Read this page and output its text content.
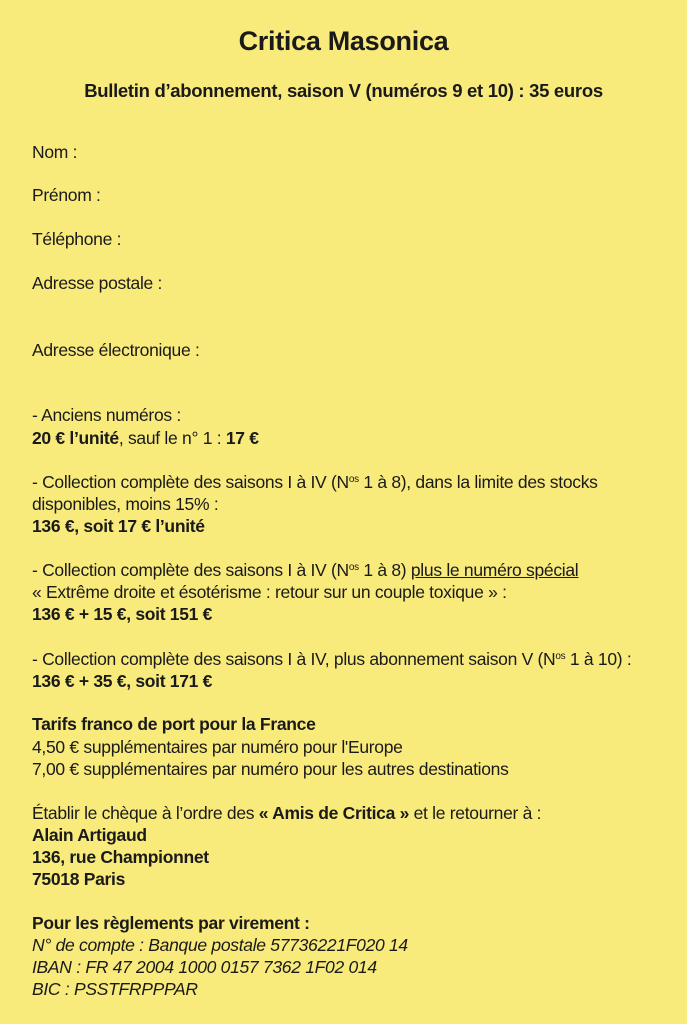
Critica Masonica
Bulletin d’abonnement, saison V (numéros 9 et 10) : 35 euros
Nom :
Prénom :
Téléphone :
Adresse postale :
Adresse électronique :
- Anciens numéros :
20 € l’unité, sauf le n° 1 : 17 €
- Collection complète des saisons I à IV ($N^{os}$ 1 à 8), dans la limite des stocks
disponibles, moins 15% :
136 €, soit 17 € l’unité
- Collection complète des saisons I à IV ($N^{os}$ 1 à 8) plus le numéro spécial
« Extrême droite et ésotérisme : retour sur un couple toxique » :
136 € + 15 €, soit 151 €
- Collection complète des saisons I à IV, plus abonnement saison V ($N^{os}$ 1 à 10) :
136 € + 35 €, soit 171 €
Tarifs franco de port pour la France
4,50 € supplémentaires par numéro pour l'Europe
7,00 € supplémentaires par numéro pour les autres destinations
Établir le chèque à l’ordre des « Amis de Critica » et le retourner à :
Alain Artigaud
136, rue Championnet
75018 Paris
Pour les règlements par virement :
N° de compte : Banque postale 57736221F020 14
IBAN : FR 47 2004 1000 0157 7362 1F02 014
BIC : PSSTFRPPPAR
